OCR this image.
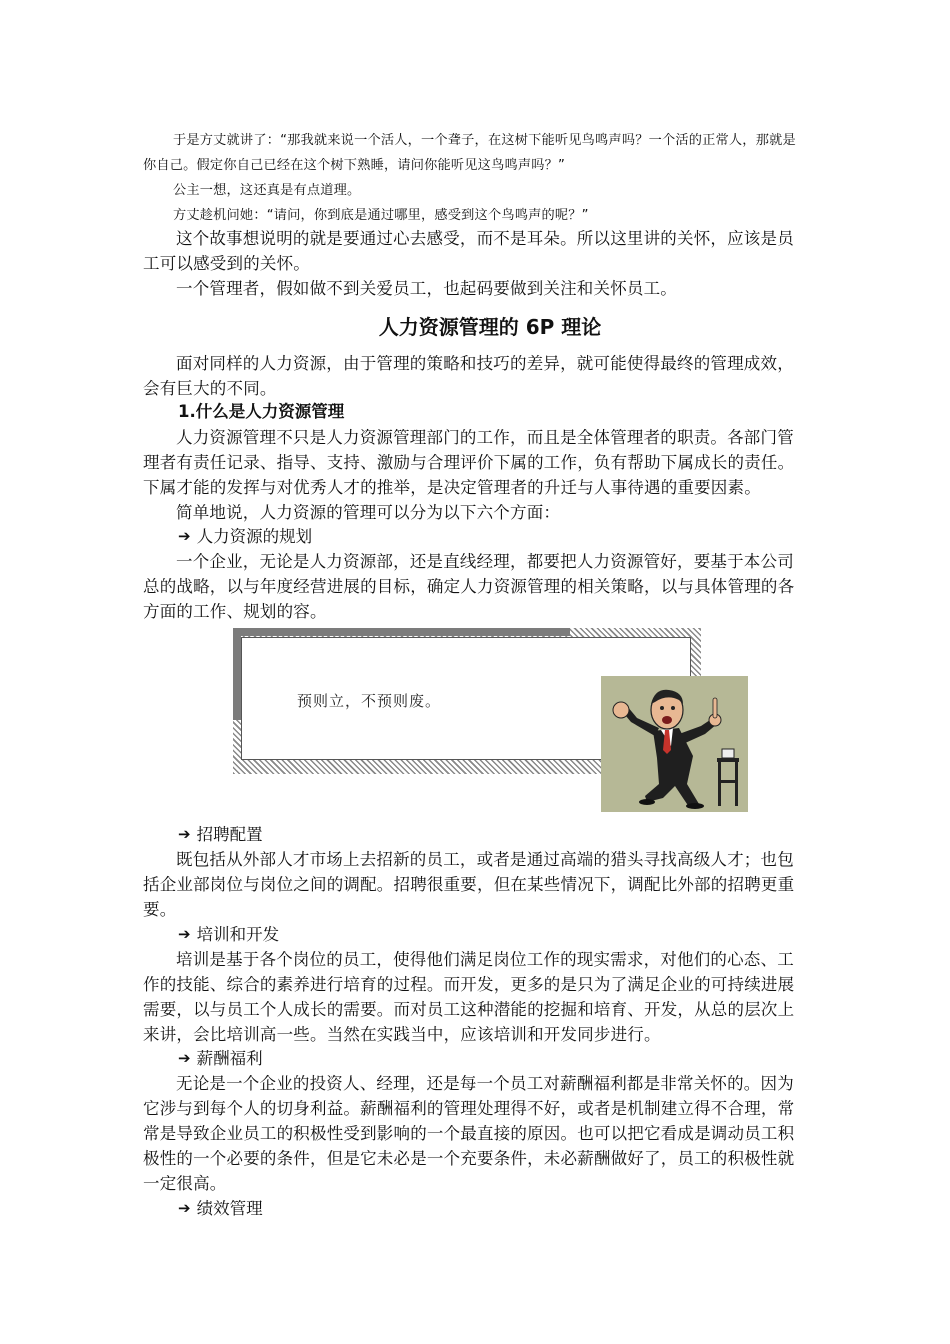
于是方丈就讲了：“那我就来说一个活人，一个聋子，在这树下能听见鸟鸣声吗？一个活的正常人，那就是你自己。假定你自己已经在这个树下熟睡，请问你能听见这鸟鸣声吗？”

公主一想，这还真是有点道理。

方丈趁机问她：“请问，你到底是通过哪里，感受到这个鸟鸣声的呢？”

这个故事想说明的就是要通过心去感受，而不是耳朵。所以这里讲的关怀，应该是员工可以感受到的关怀。

一个管理者，假如做不到关爱员工，也起码要做到关注和关怀员工。

人力资源管理的 6P 理论

面对同样的人力资源，由于管理的策略和技巧的差异，就可能使得最终的管理成效，会有巨大的不同。

1.什么是人力资源管理

人力资源管理不只是人力资源管理部门的工作，而且是全体管理者的职责。各部门管理者有责任记录、指导、支持、激励与合理评价下属的工作，负有帮助下属成长的责任。下属才能的发挥与对优秀人才的推举，是决定管理者的升迁与人事待遇的重要因素。

简单地说，人力资源的管理可以分为以下六个方面：

➔ 人力资源的规划

一个企业，无论是人力资源部，还是直线经理，都要把人力资源管好，要基于本公司总的战略，以与年度经营进展的目标，确定人力资源管理的相关策略，以与具体管理的各方面的工作、规划的容。

预则立，不预则废。

➔ 招聘配置

既包括从外部人才市场上去招新的员工，或者是通过高端的猎头寻找高级人才；也包括企业部岗位与岗位之间的调配。招聘很重要，但在某些情况下，调配比外部的招聘更重要。

➔ 培训和开发

培训是基于各个岗位的员工，使得他们满足岗位工作的现实需求，对他们的心态、工作的技能、综合的素养进行培育的过程。而开发，更多的是只为了满足企业的可持续进展需要，以与员工个人成长的需要。而对员工这种潜能的挖掘和培育、开发，从总的层次上来讲，会比培训高一些。当然在实践当中，应该培训和开发同步进行。

➔ 薪酬福利

无论是一个企业的投资人、经理，还是每一个员工对薪酬福利都是非常关怀的。因为它涉与到每个人的切身利益。薪酬福利的管理处理得不好，或者是机制建立得不合理，常常是导致企业员工的积极性受到影响的一个最直接的原因。也可以把它看成是调动员工积极性的一个必要的条件，但是它未必是一个充要条件，未必薪酬做好了，员工的积极性就一定很高。

➔ 绩效管理
